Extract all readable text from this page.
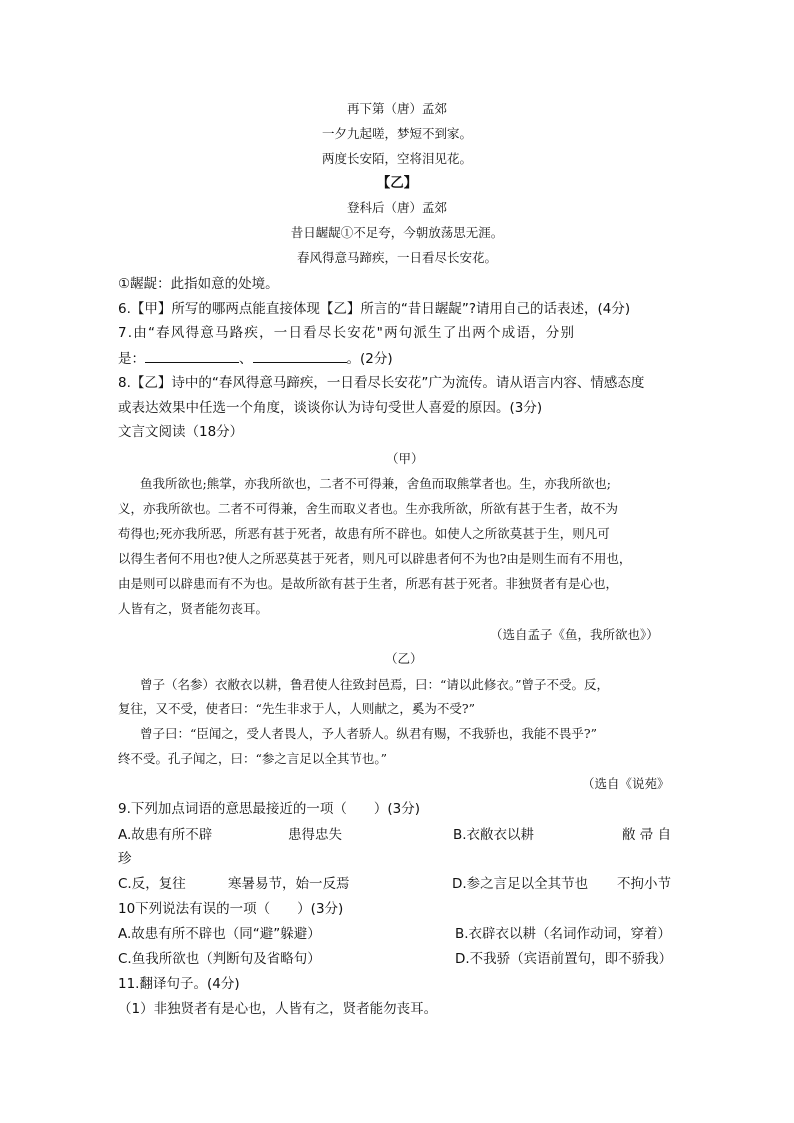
再下第（唐）孟郊
一夕九起嗟，梦短不到家。
两度长安陌，空将泪见花。
【乙】
登科后（唐）孟郊
昔日龌龊①不足夸，今朝放荡思无涯。
春风得意马蹄疾，一日看尽长安花。
①龌龊：此指如意的处境。
6.【甲】所写的哪两点能直接体现【乙】所言的“昔日龌龊”?请用自己的话表述，(4分)
7.由“春风得意马路疾，一日看尽长安花"两句派生了出两个成语，分别
是：	、	。(2分)
8.【乙】诗中的“春风得意马蹄疾，一日看尽长安花”广为流传。请从语言内容、情感态度
或表达效果中任选一个角度，谈谈你认为诗句受世人喜爱的原因。(3分)
文言文阅读（18分）
（甲）
鱼我所欲也;熊掌，亦我所欲也，二者不可得兼，舍鱼而取熊掌者也。生，亦我所欲也;
义，亦我所欲也。二者不可得兼，舍生而取义者也。生亦我所欲，所欲有甚于生者，故不为
苟得也;死亦我所恶，所恶有甚于死者，故患有所不辟也。如使人之所欲莫甚于生，则凡可
以得生者何不用也?使人之所恶莫甚于死者，则凡可以辟患者何不为也?由是则生而有不用也，
由是则可以辟患而有不为也。是故所欲有甚于生者，所恶有甚于死者。非独贤者有是心也，
人皆有之，贤者能勿丧耳。
（选自孟子《鱼，我所欲也》）
（乙）
曾子（名参）衣敝衣以耕，鲁君使人往致封邑焉，曰：“请以此修衣。”曾子不受。反，
复往，又不受，使者曰：“先生非求于人，人则献之，奚为不受?”
曾子曰：“臣闻之，受人者畏人，予人者骄人。纵君有赐，不我骄也，我能不畏乎?”
终不受。孔子闻之，曰：“参之言足以全其节也。”
（选自《说苑》
9.下列加点词语的意思最接近的一项（　　）(3分)
A.故患有所不辟	患得忠失	B.衣敝衣以耕	敝 帚 自
珍
C.反，复往	寒暑易节，始一反焉	D.参之言足以全其节也 不拘小节
10下列说法有误的一项（　　）(3分)
A.故患有所不辟也（同“避”躲避）	B.衣辟衣以耕（名词作动词，穿着）
C.鱼我所欲也（判断句及省略句）	D.不我骄（宾语前置句，即不骄我）
11.翻译句子。(4分)
（1）非独贤者有是心也，人皆有之，贤者能勿丧耳。
